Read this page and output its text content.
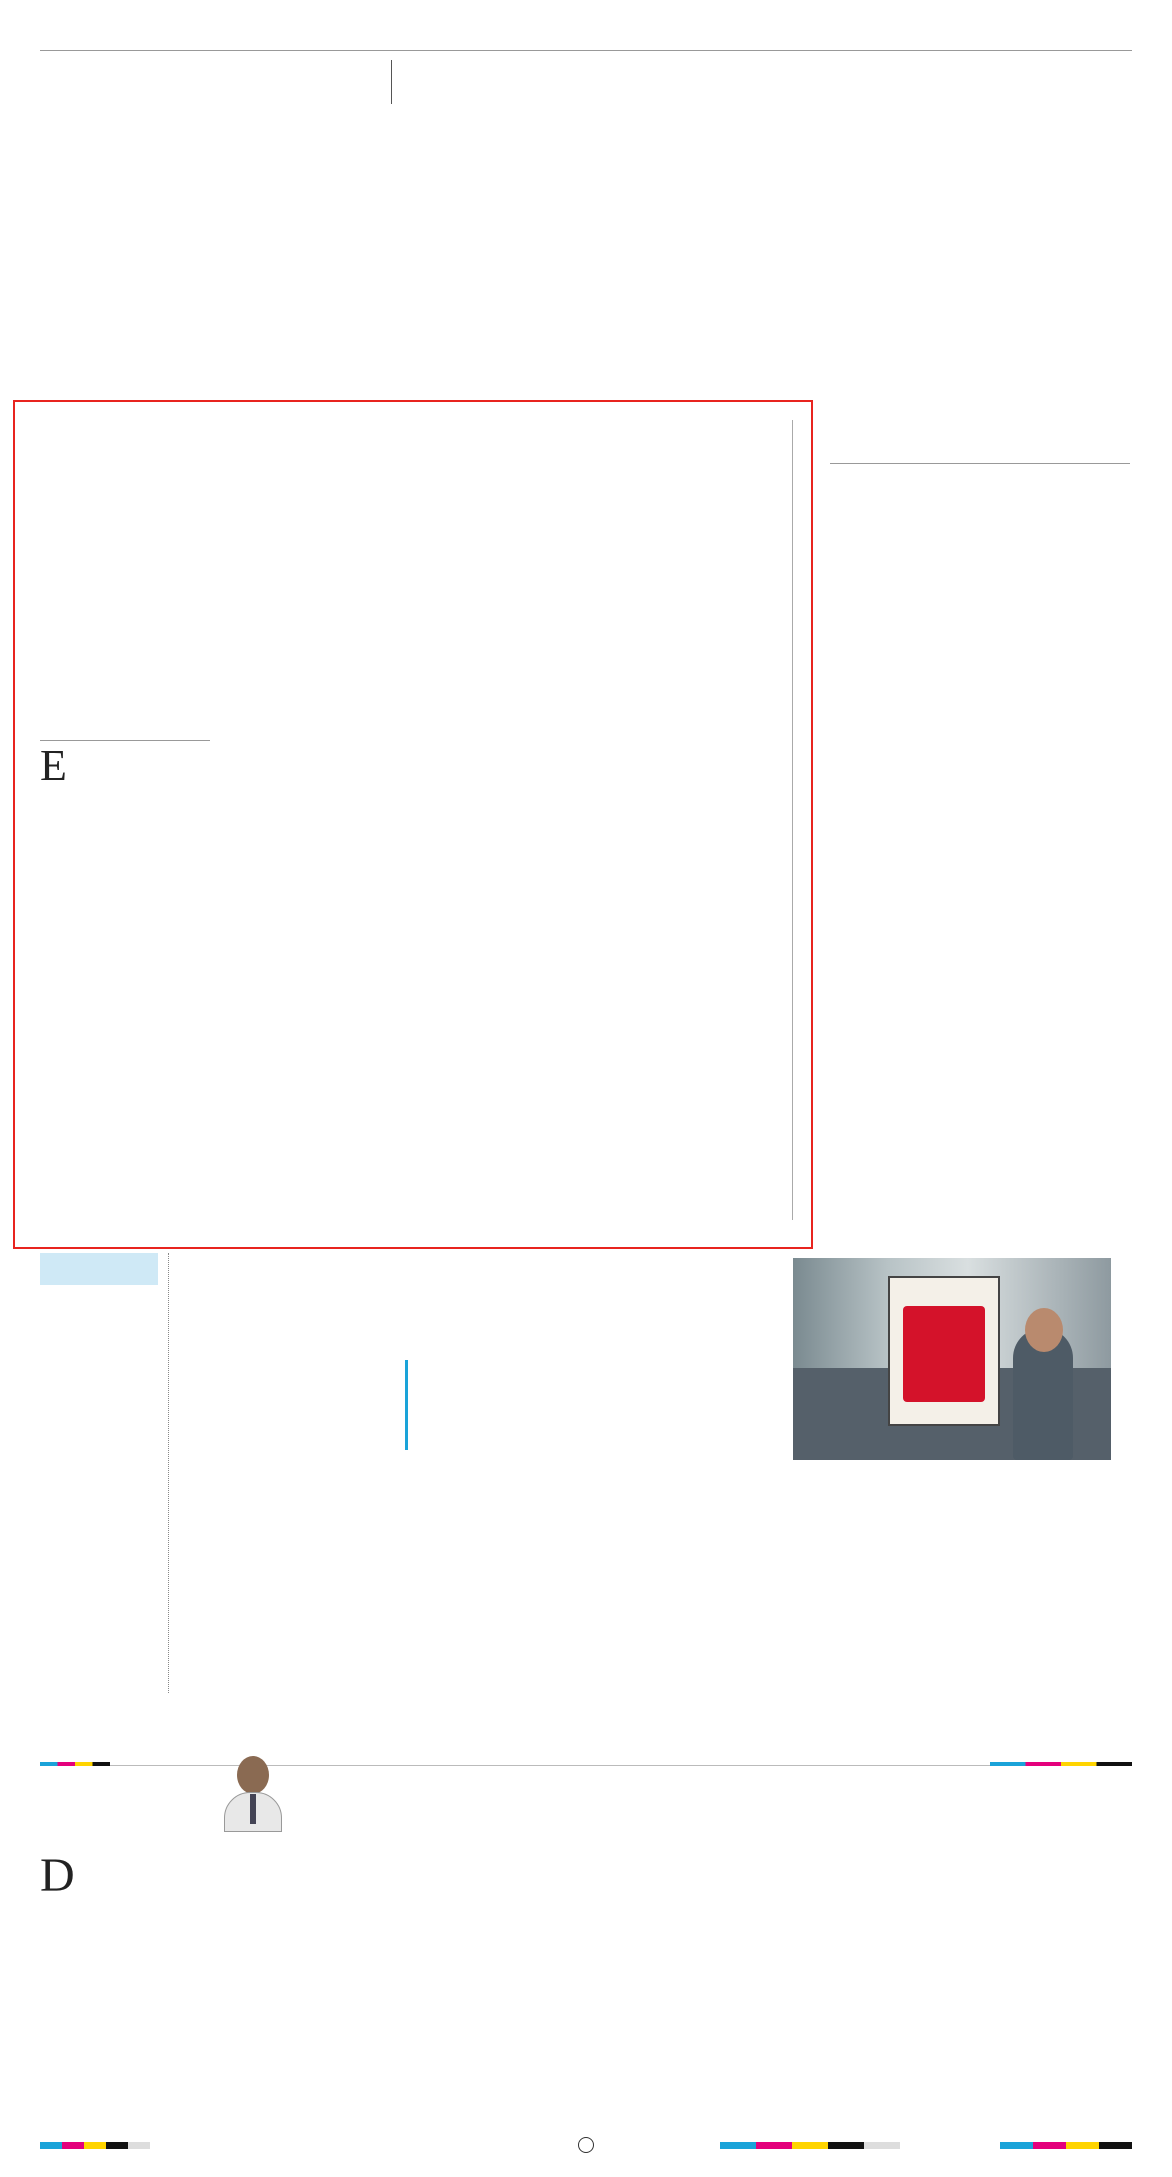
E

D
